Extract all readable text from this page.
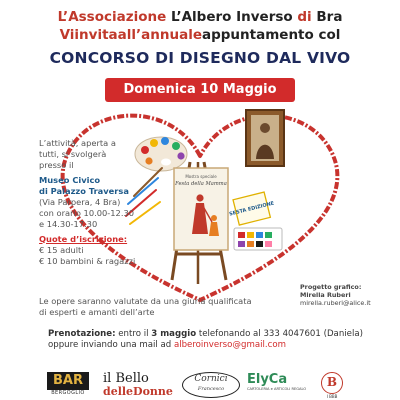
L’Associazione L’Albero Inverso di Bra
Viinvitaall’annualeappuntamento col
CONCORSO DI DISEGNO DAL VIVO
Domenica 10 Maggio 2026
Mostra speciale
Festa della Mamma
SESTA EDIZIONE
L’attività, aperta a tutti, si svolgerà presso il
Museo Civico
di Palazzo Traversa
(Via Parpera, 4 Bra) con orario 10.00-12.30 e 14.30-17.30
Quote d’iscrizione:
€ 15 adulti
€ 10 bambini & ragazzi
Le opere saranno valutate da una giuria qualificata di esperti e amanti dell’arte
Progetto grafico:
Mirella Ruberi
mirella.ruberi@alice.it
Prenotazione: entro il 3 maggio telefonando al 333 4047601 (Daniela)
oppure inviando una mail ad alberoinverso@gmail.com
BAR
BERGOGLIO
il Bello
delleDonne
Cornici
Francesco
ElyCa
CARTOLERIA e ARTICOLI REGALO	B
I BBB
